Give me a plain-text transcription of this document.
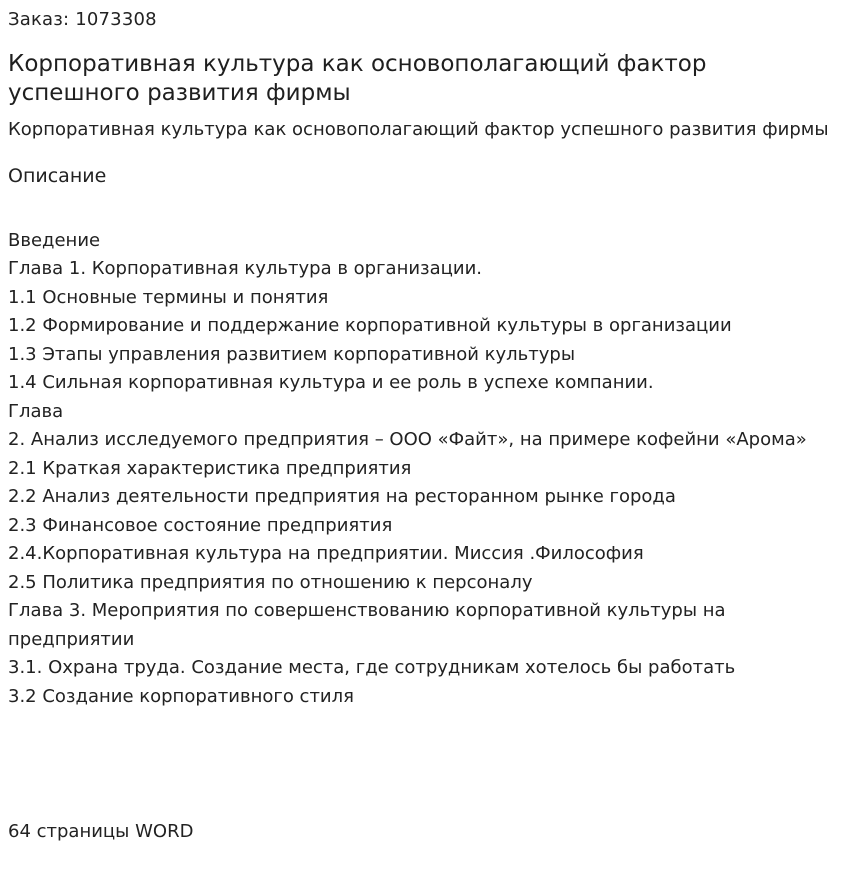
Заказ: 1073308

Корпоративная культура как основополагающий фактор успешного развития фирмы

Корпоративная культура как основополагающий фактор успешного развития фирмы

Описание

Введение
Глава 1. Корпоративная культура в организации.
1.1 Основные термины и понятия
1.2 Формирование и поддержание корпоративной культуры в организации
1.3 Этапы управления развитием корпоративной культуры
1.4 Сильная корпоративная культура и ее роль в успехе компании.
Глава
2. Анализ исследуемого предприятия – ООО «Файт», на примере кофейни «Арома»
2.1 Краткая характеристика предприятия
2.2 Анализ деятельности предприятия на ресторанном рынке города
2.3 Финансовое состояние предприятия
2.4.Корпоративная культура на предприятии. Миссия .Философия
2.5 Политика предприятия по отношению к персоналу
Глава 3. Мероприятия по совершенствованию корпоративной культуры на предприятии
3.1. Охрана труда. Создание места, где сотрудникам хотелось бы работать
3.2 Создание корпоративного стиля

64 страницы WORD
